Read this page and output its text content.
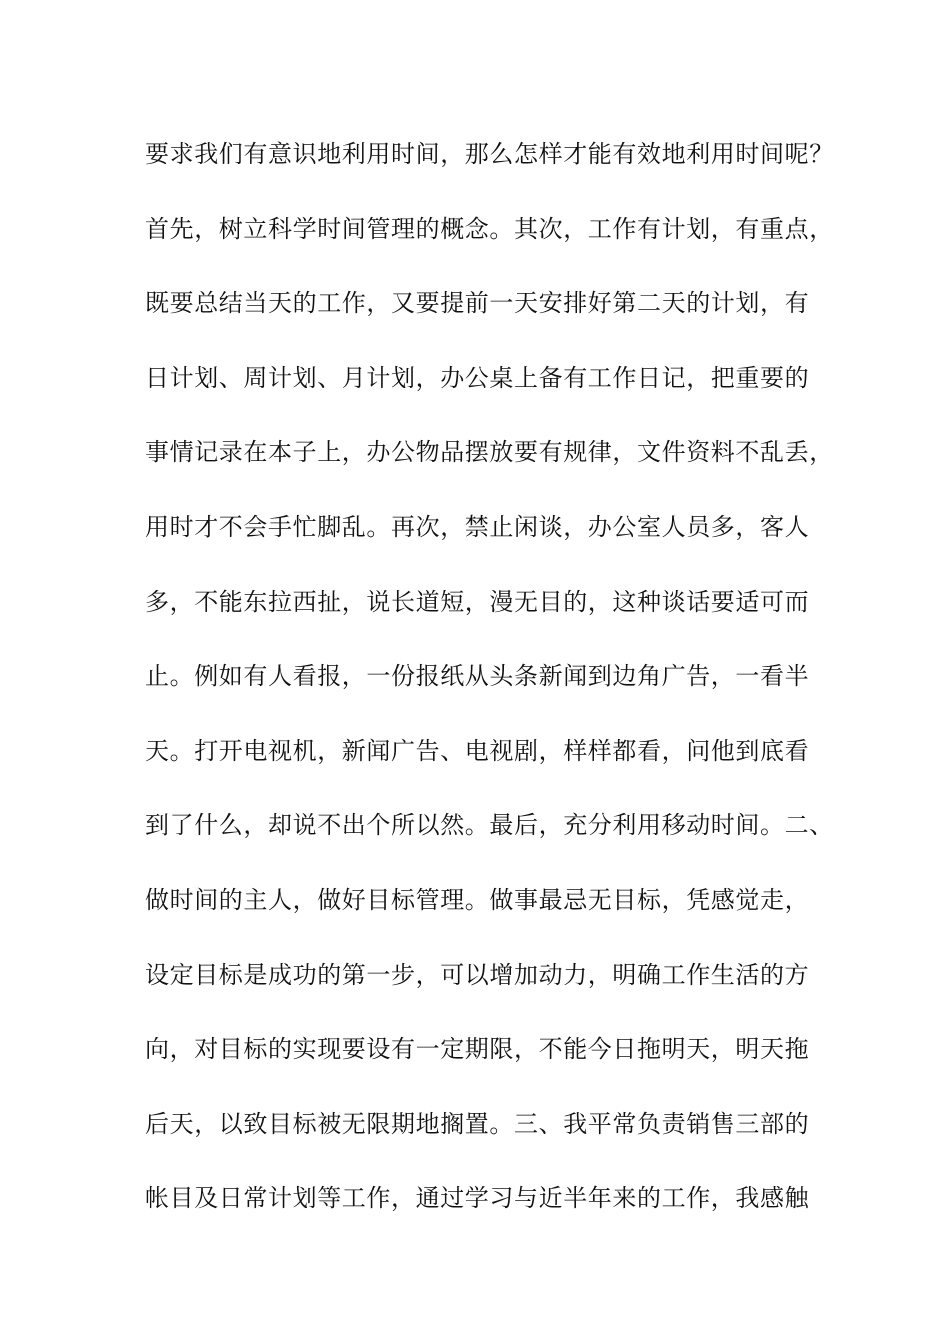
要求我们有意识地利用时间，那么怎样才能有效地利用时间呢？
首先，树立科学时间管理的概念。其次，工作有计划，有重点，
既要总结当天的工作，又要提前一天安排好第二天的计划，有
日计划、周计划、月计划，办公桌上备有工作日记，把重要的
事情记录在本子上，办公物品摆放要有规律，文件资料不乱丢，
用时才不会手忙脚乱。再次，禁止闲谈，办公室人员多，客人
多，不能东拉西扯，说长道短，漫无目的，这种谈话要适可而
止。例如有人看报，一份报纸从头条新闻到边角广告，一看半
天。打开电视机，新闻广告、电视剧，样样都看，问他到底看
到了什么，却说不出个所以然。最后，充分利用移动时间。二、
做时间的主人，做好目标管理。做事最忌无目标，凭感觉走，
设定目标是成功的第一步，可以增加动力，明确工作生活的方
向，对目标的实现要设有一定期限，不能今日拖明天，明天拖
后天，以致目标被无限期地搁置。三、我平常负责销售三部的
帐目及日常计划等工作，通过学习与近半年来的工作，我感触
